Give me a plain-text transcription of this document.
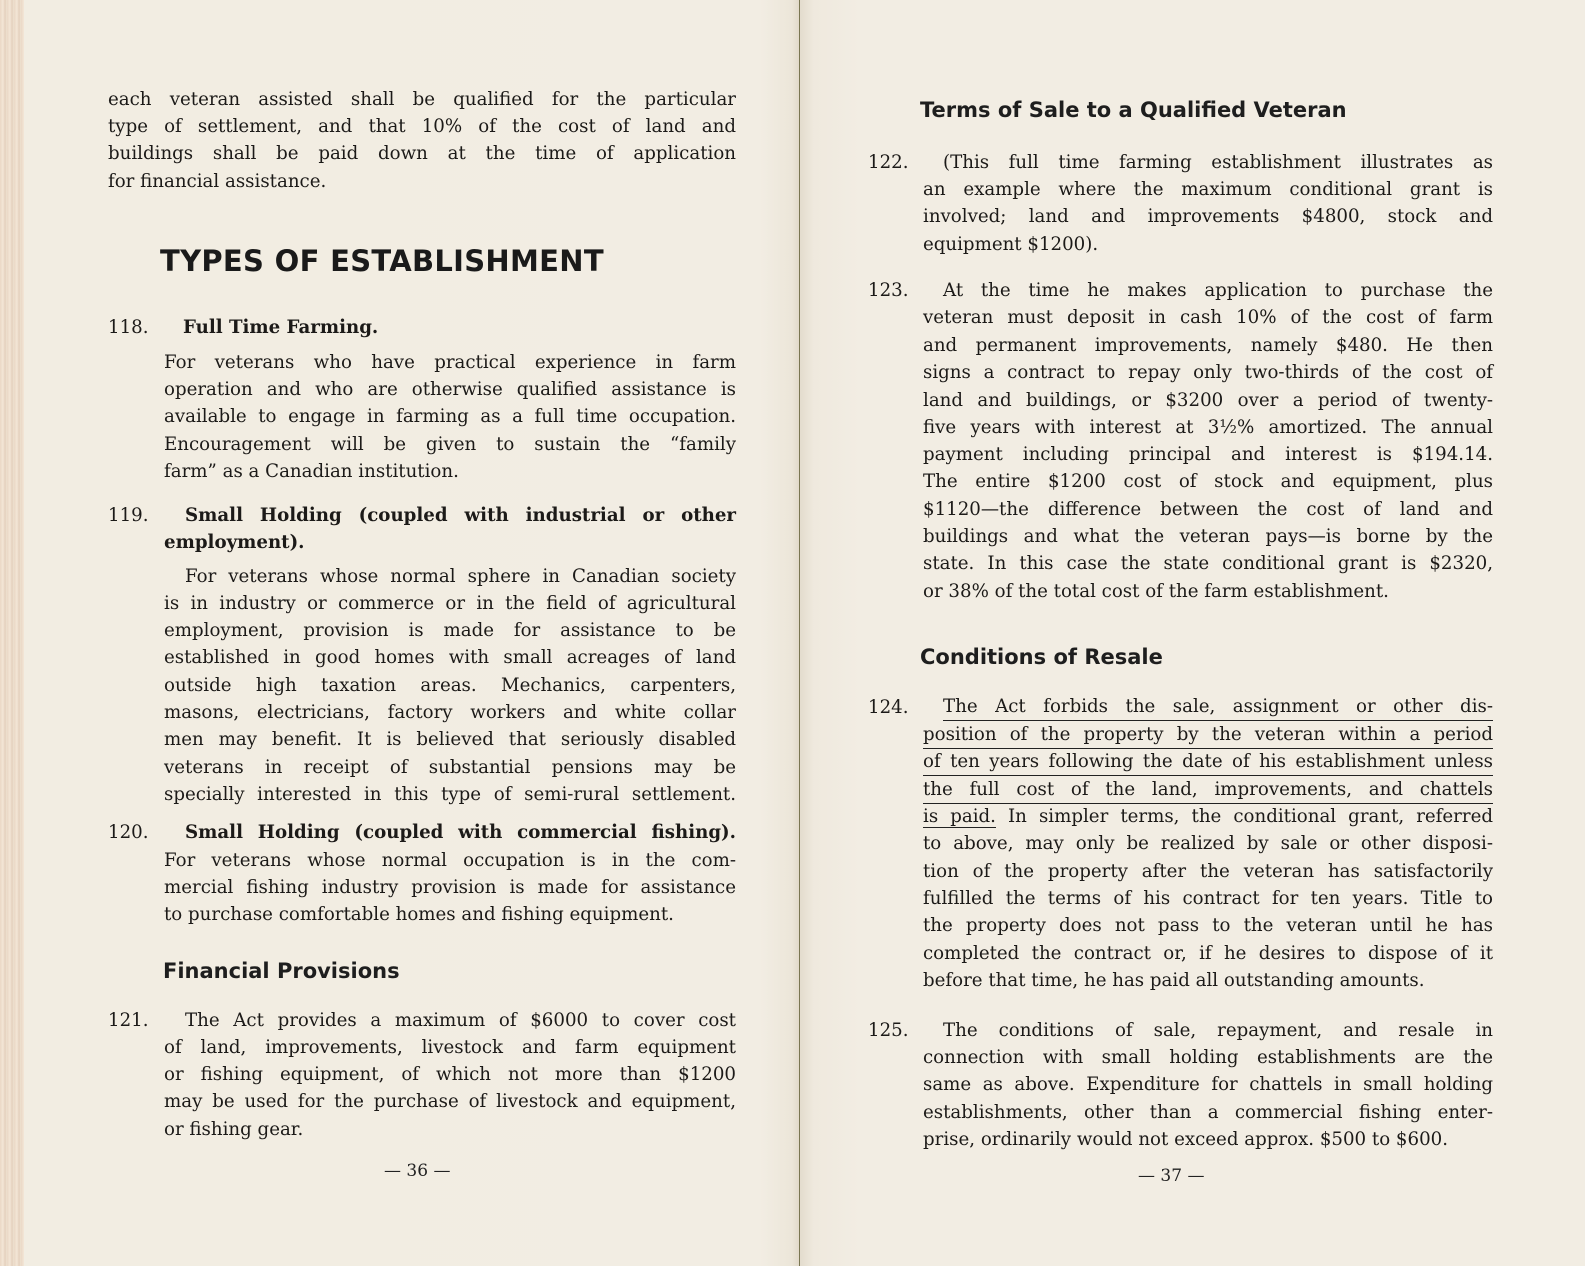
each veteran assisted shall be qualified for the particular
type of settlement, and that 10% of the cost of land and
buildings shall be paid down at the time of application
for financial assistance.
TYPES OF ESTABLISHMENT
118.	Full Time Farming.
For veterans who have practical experience in farm
operation and who are otherwise qualified assistance is
available to engage in farming as a full time occupation.
Encouragement will be given to sustain the “family
farm” as a Canadian institution.
119.	Small Holding (coupled with industrial or other
employment).
For veterans whose normal sphere in Canadian society
is in industry or commerce or in the field of agricultural
employment, provision is made for assistance to be
established in good homes with small acreages of land
outside high taxation areas. Mechanics, carpenters,
masons, electricians, factory workers and white collar
men may benefit. It is believed that seriously disabled
veterans in receipt of substantial pensions may be
specially interested in this type of semi-rural settlement.
120.	Small Holding (coupled with commercial fishing).
For veterans whose normal occupation is in the com-
mercial fishing industry provision is made for assistance
to purchase comfortable homes and fishing equipment.
Financial Provisions
121.	The Act provides a maximum of $6000 to cover cost
of land, improvements, livestock and farm equipment
or fishing equipment, of which not more than $1200
may be used for the purchase of livestock and equipment,
or fishing gear.
— 36 —
Terms of Sale to a Qualified Veteran
122.	(This full time farming establishment illustrates as
an example where the maximum conditional grant is
involved; land and improvements $4800, stock and
equipment $1200).
123.	At the time he makes application to purchase the
veteran must deposit in cash 10% of the cost of farm
and permanent improvements, namely $480. He then
signs a contract to repay only two-thirds of the cost of
land and buildings, or $3200 over a period of twenty-
five years with interest at 3½% amortized. The annual
payment including principal and interest is $194.14.
The entire $1200 cost of stock and equipment, plus
$1120—the difference between the cost of land and
buildings and what the veteran pays—is borne by the
state. In this case the state conditional grant is $2320,
or 38% of the total cost of the farm establishment.
Conditions of Resale
124.	The Act forbids the sale, assignment or other dis-
position of the property by the veteran within a period
of ten years following the date of his establishment unless
the full cost of the land, improvements, and chattels
is paid. In simpler terms, the conditional grant, referred
to above, may only be realized by sale or other disposi-
tion of the property after the veteran has satisfactorily
fulfilled the terms of his contract for ten years. Title to
the property does not pass to the veteran until he has
completed the contract or, if he desires to dispose of it
before that time, he has paid all outstanding amounts.
125.	The conditions of sale, repayment, and resale in
connection with small holding establishments are the
same as above. Expenditure for chattels in small holding
establishments, other than a commercial fishing enter-
prise, ordinarily would not exceed approx. $500 to $600.
— 37 —
